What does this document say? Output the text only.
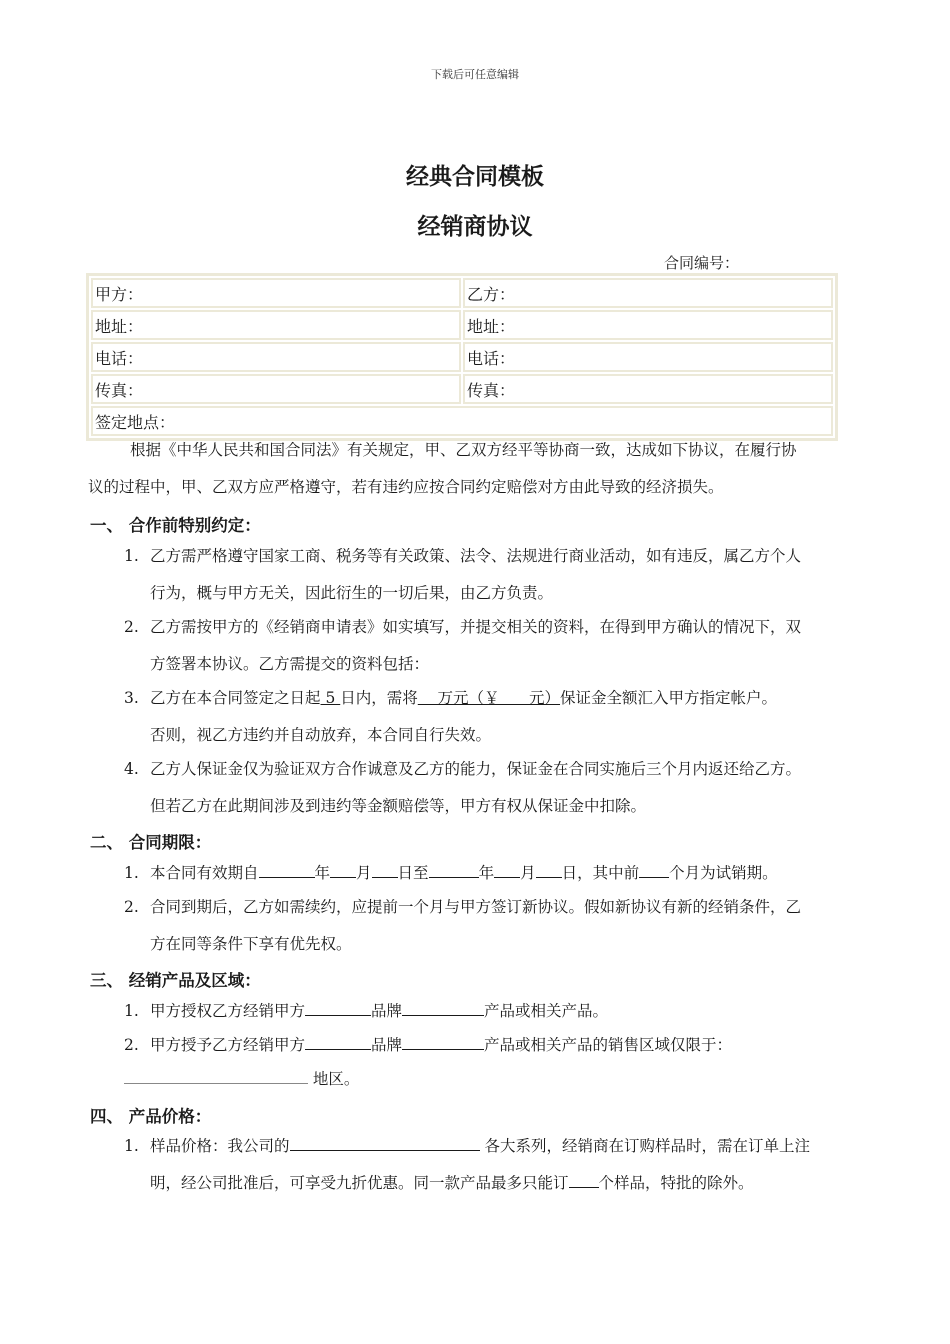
下载后可任意编辑
经典合同模板
经销商协议
合同编号：
甲方：	乙方：
地址：	地址：
电话：	电话：
传真：	传真：
签定地点：	
根据《中华人民共和国合同法》有关规定，甲、乙双方经平等协商一致，达成如下协议，在履行协
议的过程中，甲、乙双方应严格遵守，若有违约应按合同约定赔偿对方由此导致的经济损失。
一、 合作前特别约定：
1. 乙方需严格遵守国家工商、税务等有关政策、法令、法规进行商业活动，如有违反，属乙方个人
行为，概与甲方无关，因此衍生的一切后果，由乙方负责。
2. 乙方需按甲方的《经销商申请表》如实填写，并提交相关的资料，在得到甲方确认的情况下，双
方签署本协议。乙方需提交的资料包括：
3. 乙方在本合同签定之日起 5 日内，需将    万元（￥      元）保证金全额汇入甲方指定帐户。
否则，视乙方违约并自动放弃，本合同自行失效。
4. 乙方人保证金仅为验证双方合作诚意及乙方的能力，保证金在合同实施后三个月内返还给乙方。
但若乙方在此期间涉及到违约等金额赔偿等，甲方有权从保证金中扣除。
二、 合同期限：
1. 本合同有效期自	年 月 日至	年 月 日，其中前 个月为试销期。
2. 合同到期后，乙方如需续约，应提前一个月与甲方签订新协议。假如新协议有新的经销条件，乙
方在同等条件下享有优先权。
三、 经销产品及区域：
1. 甲方授权乙方经销甲方	品牌	产品或相关产品。
2. 甲方授予乙方经销甲方	品牌	产品或相关产品的销售区域仅限于：
地区。
四、 产品价格：
1. 样品价格：我公司的	各大系列，经销商在订购样品时，需在订单上注
明，经公司批准后，可享受九折优惠。同一款产品最多只能订 个样品，特批的除外。
